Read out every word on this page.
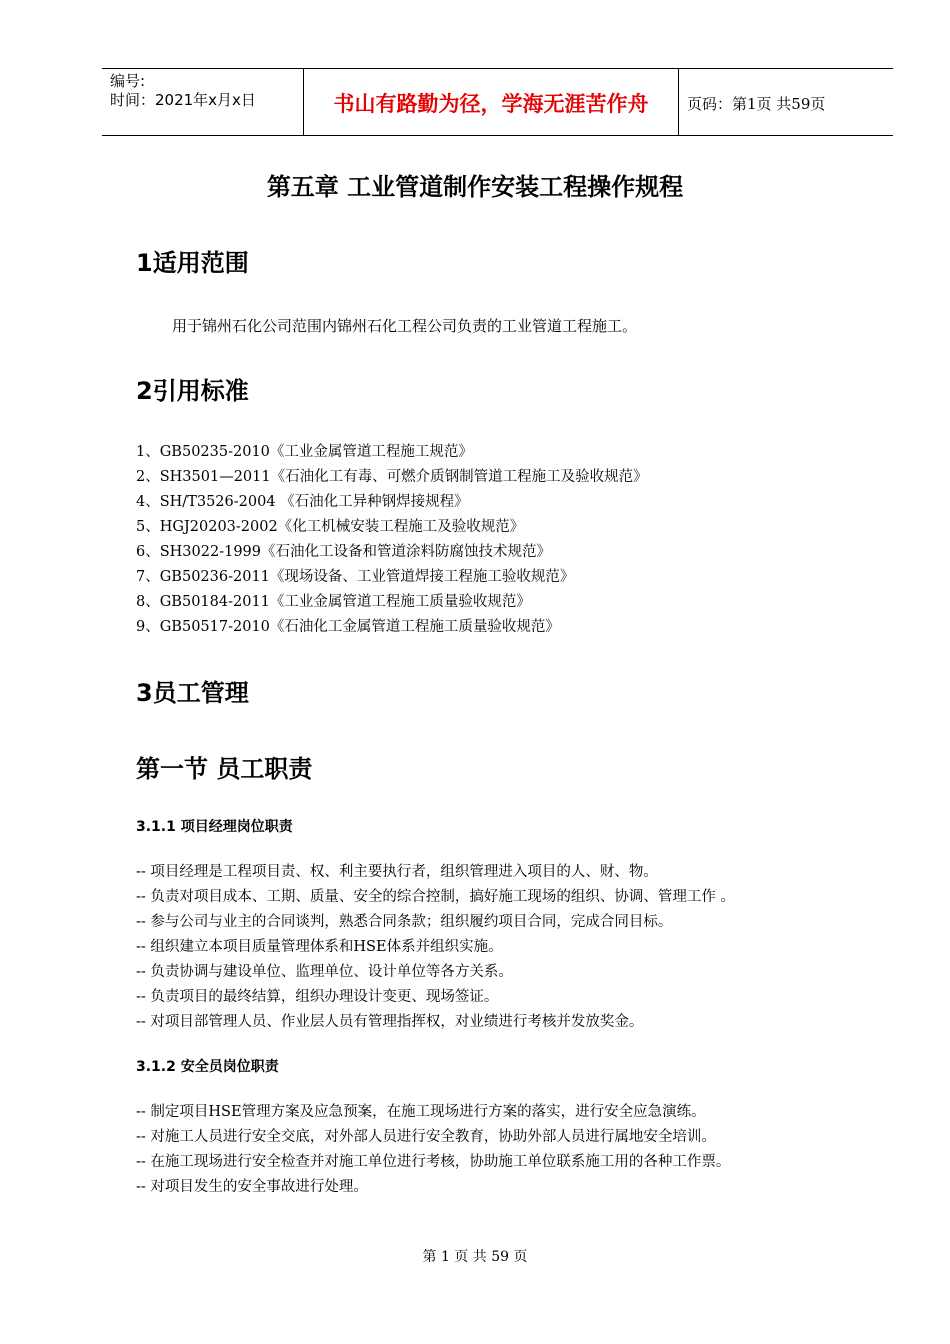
编号:
时间：2021年x月x日	书山有路勤为径，学海无涯苦作舟	页码：第1页 共59页
第五章 工业管道制作安装工程操作规程
1适用范围
用于锦州石化公司范围内锦州石化工程公司负责的工业管道工程施工。
2引用标准
1、GB50235-2010《工业金属管道工程施工规范》
2、SH3501—2011《石油化工有毒、可燃介质钢制管道工程施工及验收规范》
4、SH/T3526-2004 《石油化工异种钢焊接规程》
5、HGJ20203-2002《化工机械安装工程施工及验收规范》
6、SH3022-1999《石油化工设备和管道涂料防腐蚀技术规范》
7、GB50236-2011《现场设备、工业管道焊接工程施工验收规范》
8、GB50184-2011《工业金属管道工程施工质量验收规范》
9、GB50517-2010《石油化工金属管道工程施工质量验收规范》
3员工管理
第一节 员工职责
3.1.1 项目经理岗位职责
-- 项目经理是工程项目责、权、利主要执行者，组织管理进入项目的人、财、物。
-- 负责对项目成本、工期、质量、安全的综合控制，搞好施工现场的组织、协调、管理工作 。
-- 参与公司与业主的合同谈判，熟悉合同条款；组织履约项目合同，完成合同目标。
-- 组织建立本项目质量管理体系和HSE体系并组织实施。
-- 负责协调与建设单位、监理单位、设计单位等各方关系。
-- 负责项目的最终结算，组织办理设计变更、现场签证。
-- 对项目部管理人员、作业层人员有管理指挥权，对业绩进行考核并发放奖金。
3.1.2 安全员岗位职责
-- 制定项目HSE管理方案及应急预案，在施工现场进行方案的落实，进行安全应急演练。
-- 对施工人员进行安全交底，对外部人员进行安全教育，协助外部人员进行属地安全培训。
-- 在施工现场进行安全检查并对施工单位进行考核，协助施工单位联系施工用的各种工作票。
-- 对项目发生的安全事故进行处理。
第 1 页 共 59 页
